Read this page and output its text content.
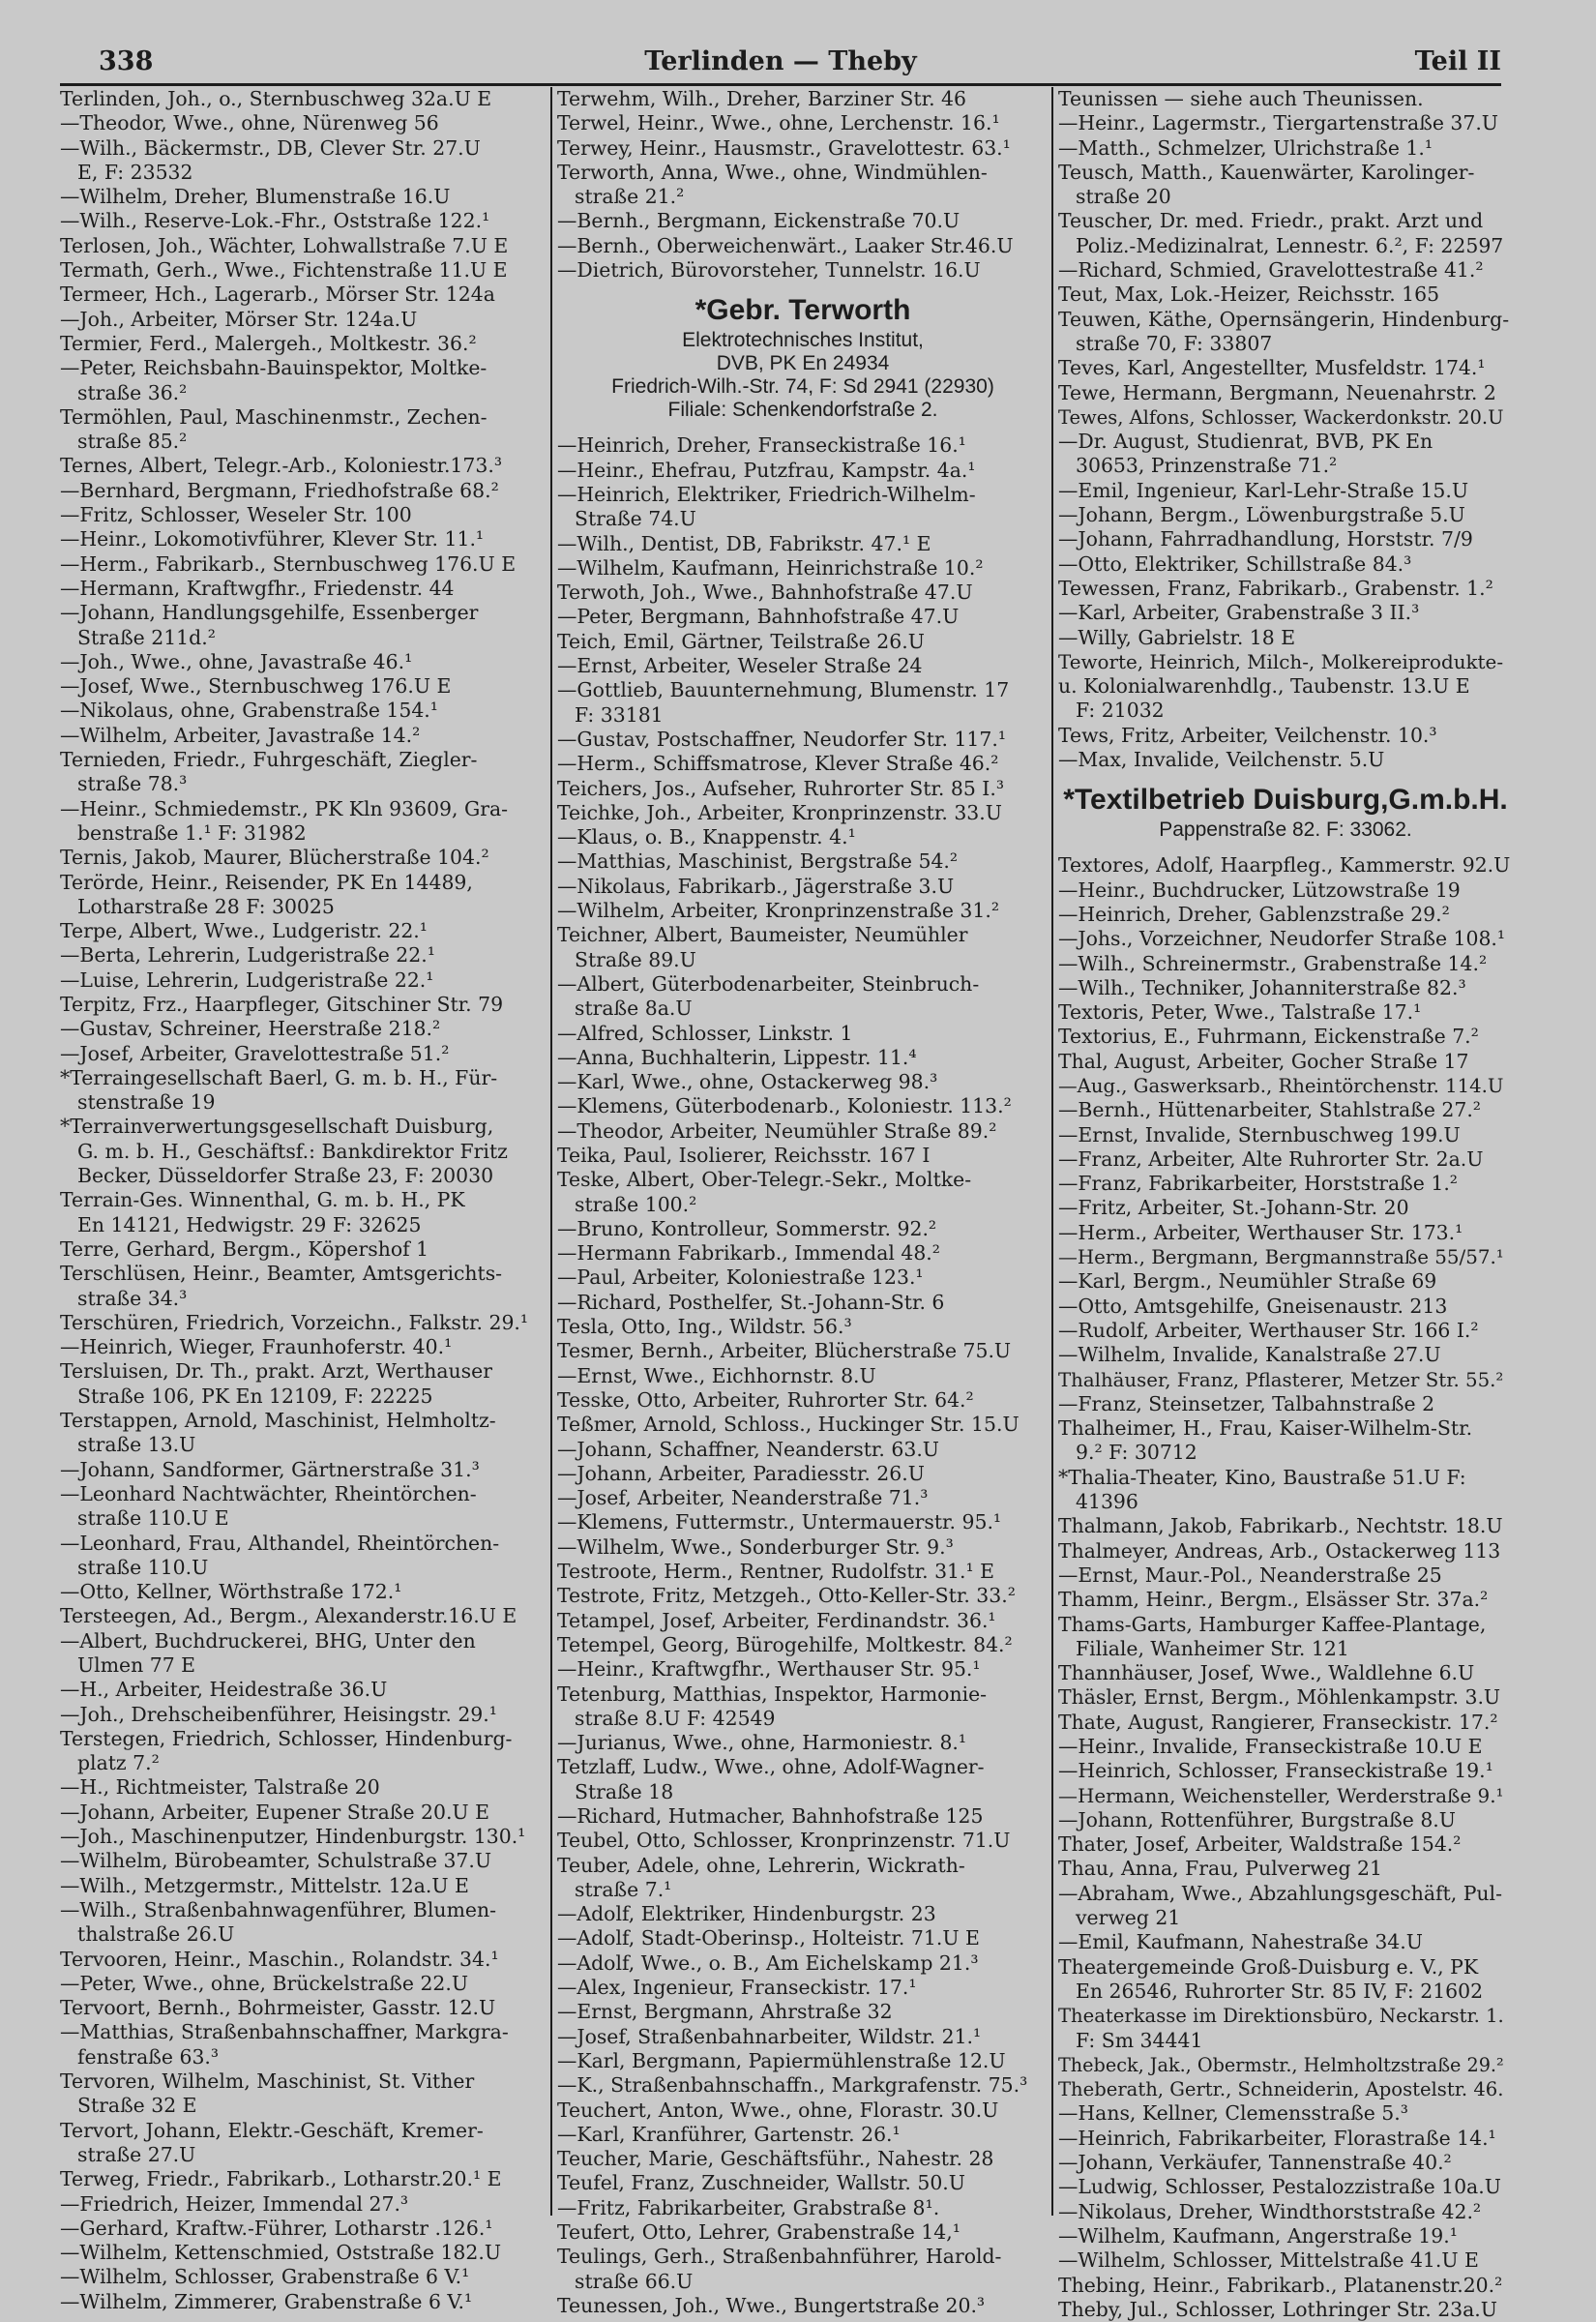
338	Terlinden — Theby	Teil II
Terlinden, Joh., o., Sternbuschweg 32a.U E
—Theodor, Wwe., ohne, Nürenweg 56
—Wilh., Bäckermstr., DB, Clever Str. 27.U
E, F: 23532
—Wilhelm, Dreher, Blumenstraße 16.U
—Wilh., Reserve-Lok.-Fhr., Oststraße 122.¹
Terlosen, Joh., Wächter, Lohwallstraße 7.U E
Termath, Gerh., Wwe., Fichtenstraße 11.U E
Termeer, Hch., Lagerarb., Mörser Str. 124a
—Joh., Arbeiter, Mörser Str. 124a.U
Termier, Ferd., Malergeh., Moltkestr. 36.²
—Peter, Reichsbahn-Bauinspektor, Moltke-
straße 36.²
Termöhlen, Paul, Maschinenmstr., Zechen-
straße 85.²
Ternes, Albert, Telegr.-Arb., Koloniestr.173.³
—Bernhard, Bergmann, Friedhofstraße 68.²
—Fritz, Schlosser, Weseler Str. 100
—Heinr., Lokomotivführer, Klever Str. 11.¹
—Herm., Fabrikarb., Sternbuschweg 176.U E
—Hermann, Kraftwgfhr., Friedenstr. 44
—Johann, Handlungsgehilfe, Essenberger
Straße 211d.²
—Joh., Wwe., ohne, Javastraße 46.¹
—Josef, Wwe., Sternbuschweg 176.U E
—Nikolaus, ohne, Grabenstraße 154.¹
—Wilhelm, Arbeiter, Javastraße 14.²
Ternieden, Friedr., Fuhrgeschäft, Ziegler-
straße 78.³
—Heinr., Schmiedemstr., PK Kln 93609, Gra-
benstraße 1.¹ F: 31982
Ternis, Jakob, Maurer, Blücherstraße 104.²
Terörde, Heinr., Reisender, PK En 14489,
Lotharstraße 28 F: 30025
Terpe, Albert, Wwe., Ludgeristr. 22.¹
—Berta, Lehrerin, Ludgeristraße 22.¹
—Luise, Lehrerin, Ludgeristraße 22.¹
Terpitz, Frz., Haarpfleger, Gitschiner Str. 79
—Gustav, Schreiner, Heerstraße 218.²
—Josef, Arbeiter, Gravelottestraße 51.²
*Terraingesellschaft Baerl, G. m. b. H., Für-
stenstraße 19
*Terrainverwertungsgesellschaft Duisburg,
G. m. b. H., Geschäftsf.: Bankdirektor Fritz
Becker, Düsseldorfer Straße 23, F: 20030
Terrain-Ges. Winnenthal, G. m. b. H., PK
En 14121, Hedwigstr. 29 F: 32625
Terre, Gerhard, Bergm., Köpershof 1
Terschlüsen, Heinr., Beamter, Amtsgerichts-
straße 34.³
Terschüren, Friedrich, Vorzeichn., Falkstr. 29.¹
—Heinrich, Wieger, Fraunhoferstr. 40.¹
Tersluisen, Dr. Th., prakt. Arzt, Werthauser
Straße 106, PK En 12109, F: 22225
Terstappen, Arnold, Maschinist, Helmholtz-
straße 13.U
—Johann, Sandformer, Gärtnerstraße 31.³
—Leonhard Nachtwächter, Rheintörchen-
straße 110.U E
—Leonhard, Frau, Althandel, Rheintörchen-
straße 110.U
—Otto, Kellner, Wörthstraße 172.¹
Tersteegen, Ad., Bergm., Alexanderstr.16.U E
—Albert, Buchdruckerei, BHG, Unter den
Ulmen 77 E
—H., Arbeiter, Heidestraße 36.U
—Joh., Drehscheibenführer, Heisingstr. 29.¹
Terstegen, Friedrich, Schlosser, Hindenburg-
platz 7.²
—H., Richtmeister, Talstraße 20
—Johann, Arbeiter, Eupener Straße 20.U E
—Joh., Maschinenputzer, Hindenburgstr. 130.¹
—Wilhelm, Bürobeamter, Schulstraße 37.U
—Wilh., Metzgermstr., Mittelstr. 12a.U E
—Wilh., Straßenbahnwagenführer, Blumen-
thalstraße 26.U
Tervooren, Heinr., Maschin., Rolandstr. 34.¹
—Peter, Wwe., ohne, Brückelstraße 22.U
Tervoort, Bernh., Bohrmeister, Gasstr. 12.U
—Matthias, Straßenbahnschaffner, Markgra-
fenstraße 63.³
Tervoren, Wilhelm, Maschinist, St. Vither
Straße 32 E
Tervort, Johann, Elektr.-Geschäft, Kremer-
straße 27.U
Terweg, Friedr., Fabrikarb., Lotharstr.20.¹ E
—Friedrich, Heizer, Immendal 27.³
—Gerhard, Kraftw.-Führer, Lotharstr .126.¹
—Wilhelm, Kettenschmied, Oststraße 182.U
—Wilhelm, Schlosser, Grabenstraße 6 V.¹
—Wilhelm, Zimmerer, Grabenstraße 6 V.¹
Terwehm, Wilh., Dreher, Barziner Str. 46
Terwel, Heinr., Wwe., ohne, Lerchenstr. 16.¹
Terwey, Heinr., Hausmstr., Gravelottestr. 63.¹
Terworth, Anna, Wwe., ohne, Windmühlen-
straße 21.²
—Bernh., Bergmann, Eickenstraße 70.U
—Bernh., Oberweichenwärt., Laaker Str.46.U
—Dietrich, Bürovorsteher, Tunnelstr. 16.U
*Gebr. Terworth
Elektrotechnisches Institut,
DVB, PK En 24934
Friedrich-Wilh.-Str. 74, F: Sd 2941 (22930)
Filiale: Schenkendorfstraße 2.
—Heinrich, Dreher, Franseckistraße 16.¹
—Heinr., Ehefrau, Putzfrau, Kampstr. 4a.¹
—Heinrich, Elektriker, Friedrich-Wilhelm-
Straße 74.U
—Wilh., Dentist, DB, Fabrikstr. 47.¹ E
—Wilhelm, Kaufmann, Heinrichstraße 10.²
Terwoth, Joh., Wwe., Bahnhofstraße 47.U
—Peter, Bergmann, Bahnhofstraße 47.U
Teich, Emil, Gärtner, Teilstraße 26.U
—Ernst, Arbeiter, Weseler Straße 24
—Gottlieb, Bauunternehmung, Blumenstr. 17
F: 33181
—Gustav, Postschaffner, Neudorfer Str. 117.¹
—Herm., Schiffsmatrose, Klever Straße 46.²
Teichers, Jos., Aufseher, Ruhrorter Str. 85 I.³
Teichke, Joh., Arbeiter, Kronprinzenstr. 33.U
—Klaus, o. B., Knappenstr. 4.¹
—Matthias, Maschinist, Bergstraße 54.²
—Nikolaus, Fabrikarb., Jägerstraße 3.U
—Wilhelm, Arbeiter, Kronprinzenstraße 31.²
Teichner, Albert, Baumeister, Neumühler
Straße 89.U
—Albert, Güterbodenarbeiter, Steinbruch-
straße 8a.U
—Alfred, Schlosser, Linkstr. 1
—Anna, Buchhalterin, Lippestr. 11.⁴
—Karl, Wwe., ohne, Ostackerweg 98.³
—Klemens, Güterbodenarb., Koloniestr. 113.²
—Theodor, Arbeiter, Neumühler Straße 89.²
Teika, Paul, Isolierer, Reichsstr. 167 I
Teske, Albert, Ober-Telegr.-Sekr., Moltke-
straße 100.²
—Bruno, Kontrolleur, Sommerstr. 92.²
—Hermann Fabrikarb., Immendal 48.²
—Paul, Arbeiter, Koloniestraße 123.¹
—Richard, Posthelfer, St.-Johann-Str. 6
Tesla, Otto, Ing., Wildstr. 56.³
Tesmer, Bernh., Arbeiter, Blücherstraße 75.U
—Ernst, Wwe., Eichhornstr. 8.U
Tesske, Otto, Arbeiter, Ruhrorter Str. 64.²
Teßmer, Arnold, Schloss., Huckinger Str. 15.U
—Johann, Schaffner, Neanderstr. 63.U
—Johann, Arbeiter, Paradiesstr. 26.U
—Josef, Arbeiter, Neanderstraße 71.³
—Klemens, Futtermstr., Untermauerstr. 95.¹
—Wilhelm, Wwe., Sonderburger Str. 9.³
Testroote, Herm., Rentner, Rudolfstr. 31.¹ E
Testrote, Fritz, Metzgeh., Otto-Keller-Str. 33.²
Tetampel, Josef, Arbeiter, Ferdinandstr. 36.¹
Tetempel, Georg, Bürogehilfe, Moltkestr. 84.²
—Heinr., Kraftwgfhr., Werthauser Str. 95.¹
Tetenburg, Matthias, Inspektor, Harmonie-
straße 8.U F: 42549
—Jurianus, Wwe., ohne, Harmoniestr. 8.¹
Tetzlaff, Ludw., Wwe., ohne, Adolf-Wagner-
Straße 18
—Richard, Hutmacher, Bahnhofstraße 125
Teubel, Otto, Schlosser, Kronprinzenstr. 71.U
Teuber, Adele, ohne, Lehrerin, Wickrath-
straße 7.¹
—Adolf, Elektriker, Hindenburgstr. 23
—Adolf, Stadt-Oberinsp., Holteistr. 71.U E
—Adolf, Wwe., o. B., Am Eichelskamp 21.³
—Alex, Ingenieur, Franseckistr. 17.¹
—Ernst, Bergmann, Ahrstraße 32
—Josef, Straßenbahnarbeiter, Wildstr. 21.¹
—Karl, Bergmann, Papiermühlenstraße 12.U
—K., Straßenbahnschaffn., Markgrafenstr. 75.³
Teuchert, Anton, Wwe., ohne, Florastr. 30.U
—Karl, Kranführer, Gartenstr. 26.¹
Teucher, Marie, Geschäftsführ., Nahestr. 28
Teufel, Franz, Zuschneider, Wallstr. 50.U
—Fritz, Fabrikarbeiter, Grabstraße 8¹.
Teufert, Otto, Lehrer, Grabenstraße 14,¹
Teulings, Gerh., Straßenbahnführer, Harold-
straße 66.U
Teunessen, Joh., Wwe., Bungertstraße 20.³
Teunissen — siehe auch Theunissen.
—Heinr., Lagermstr., Tiergartenstraße 37.U
—Matth., Schmelzer, Ulrichstraße 1.¹
Teusch, Matth., Kauenwärter, Karolinger-
straße 20
Teuscher, Dr. med. Friedr., prakt. Arzt und
Poliz.-Medizinalrat, Lennestr. 6.², F: 22597
—Richard, Schmied, Gravelottestraße 41.²
Teut, Max, Lok.-Heizer, Reichsstr. 165
Teuwen, Käthe, Opernsängerin, Hindenburg-
straße 70, F: 33807
Teves, Karl, Angestellter, Musfeldstr. 174.¹
Tewe, Hermann, Bergmann, Neuenahrstr. 2
Tewes, Alfons, Schlosser, Wackerdonkstr. 20.U
—Dr. August, Studienrat, BVB, PK En
30653, Prinzenstraße 71.²
—Emil, Ingenieur, Karl-Lehr-Straße 15.U
—Johann, Bergm., Löwenburgstraße 5.U
—Johann, Fahrradhandlung, Horststr. 7/9
—Otto, Elektriker, Schillstraße 84.³
Tewessen, Franz, Fabrikarb., Grabenstr. 1.²
—Karl, Arbeiter, Grabenstraße 3 II.³
—Willy, Gabrielstr. 18 E
Teworte, Heinrich, Milch-, Molkereiprodukte-
u. Kolonialwarenhdlg., Taubenstr. 13.U E
F: 21032
Tews, Fritz, Arbeiter, Veilchenstr. 10.³
—Max, Invalide, Veilchenstr. 5.U
*Textilbetrieb Duisburg,G.m.b.H.
Pappenstraße 82. F: 33062.
Textores, Adolf, Haarpfleg., Kammerstr. 92.U
—Heinr., Buchdrucker, Lützowstraße 19
—Heinrich, Dreher, Gablenzstraße 29.²
—Johs., Vorzeichner, Neudorfer Straße 108.¹
—Wilh., Schreinermstr., Grabenstraße 14.²
—Wilh., Techniker, Johanniterstraße 82.³
Textoris, Peter, Wwe., Talstraße 17.¹
Textorius, E., Fuhrmann, Eickenstraße 7.²
Thal, August, Arbeiter, Gocher Straße 17
—Aug., Gaswerksarb., Rheintörchenstr. 114.U
—Bernh., Hüttenarbeiter, Stahlstraße 27.²
—Ernst, Invalide, Sternbuschweg 199.U
—Franz, Arbeiter, Alte Ruhrorter Str. 2a.U
—Franz, Fabrikarbeiter, Horststraße 1.²
—Fritz, Arbeiter, St.-Johann-Str. 20
—Herm., Arbeiter, Werthauser Str. 173.¹
—Herm., Bergmann, Bergmannstraße 55/57.¹
—Karl, Bergm., Neumühler Straße 69
—Otto, Amtsgehilfe, Gneisenaustr. 213
—Rudolf, Arbeiter, Werthauser Str. 166 I.²
—Wilhelm, Invalide, Kanalstraße 27.U
Thalhäuser, Franz, Pflasterer, Metzer Str. 55.²
—Franz, Steinsetzer, Talbahnstraße 2
Thalheimer, H., Frau, Kaiser-Wilhelm-Str.
9.² F: 30712
*Thalia-Theater, Kino, Baustraße 51.U F:
41396
Thalmann, Jakob, Fabrikarb., Nechtstr. 18.U
Thalmeyer, Andreas, Arb., Ostackerweg 113
—Ernst, Maur.-Pol., Neanderstraße 25
Thamm, Heinr., Bergm., Elsässer Str. 37a.²
Thams-Garts, Hamburger Kaffee-Plantage,
Filiale, Wanheimer Str. 121
Thannhäuser, Josef, Wwe., Waldlehne 6.U
Thäsler, Ernst, Bergm., Möhlenkampstr. 3.U
Thate, August, Rangierer, Franseckistr. 17.²
—Heinr., Invalide, Franseckistraße 10.U E
—Heinrich, Schlosser, Franseckistraße 19.¹
—Hermann, Weichensteller, Werderstraße 9.¹
—Johann, Rottenführer, Burgstraße 8.U
Thater, Josef, Arbeiter, Waldstraße 154.²
Thau, Anna, Frau, Pulverweg 21
—Abraham, Wwe., Abzahlungsgeschäft, Pul-
verweg 21
—Emil, Kaufmann, Nahestraße 34.U
Theatergemeinde Groß-Duisburg e. V., PK
En 26546, Ruhrorter Str. 85 IV, F: 21602
Theaterkasse im Direktionsbüro, Neckarstr. 1.
F: Sm 34441
Thebeck, Jak., Obermstr., Helmholtzstraße 29.²
Theberath, Gertr., Schneiderin, Apostelstr. 46.
—Hans, Kellner, Clemensstraße 5.³
—Heinrich, Fabrikarbeiter, Florastraße 14.¹
—Johann, Verkäufer, Tannenstraße 40.²
—Ludwig, Schlosser, Pestalozzistraße 10a.U
—Nikolaus, Dreher, Windthorststraße 42.²
—Wilhelm, Kaufmann, Angerstraße 19.¹
—Wilhelm, Schlosser, Mittelstraße 41.U E
Thebing, Heinr., Fabrikarb., Platanenstr.20.²
Theby, Jul., Schlosser, Lothringer Str. 23a.U
